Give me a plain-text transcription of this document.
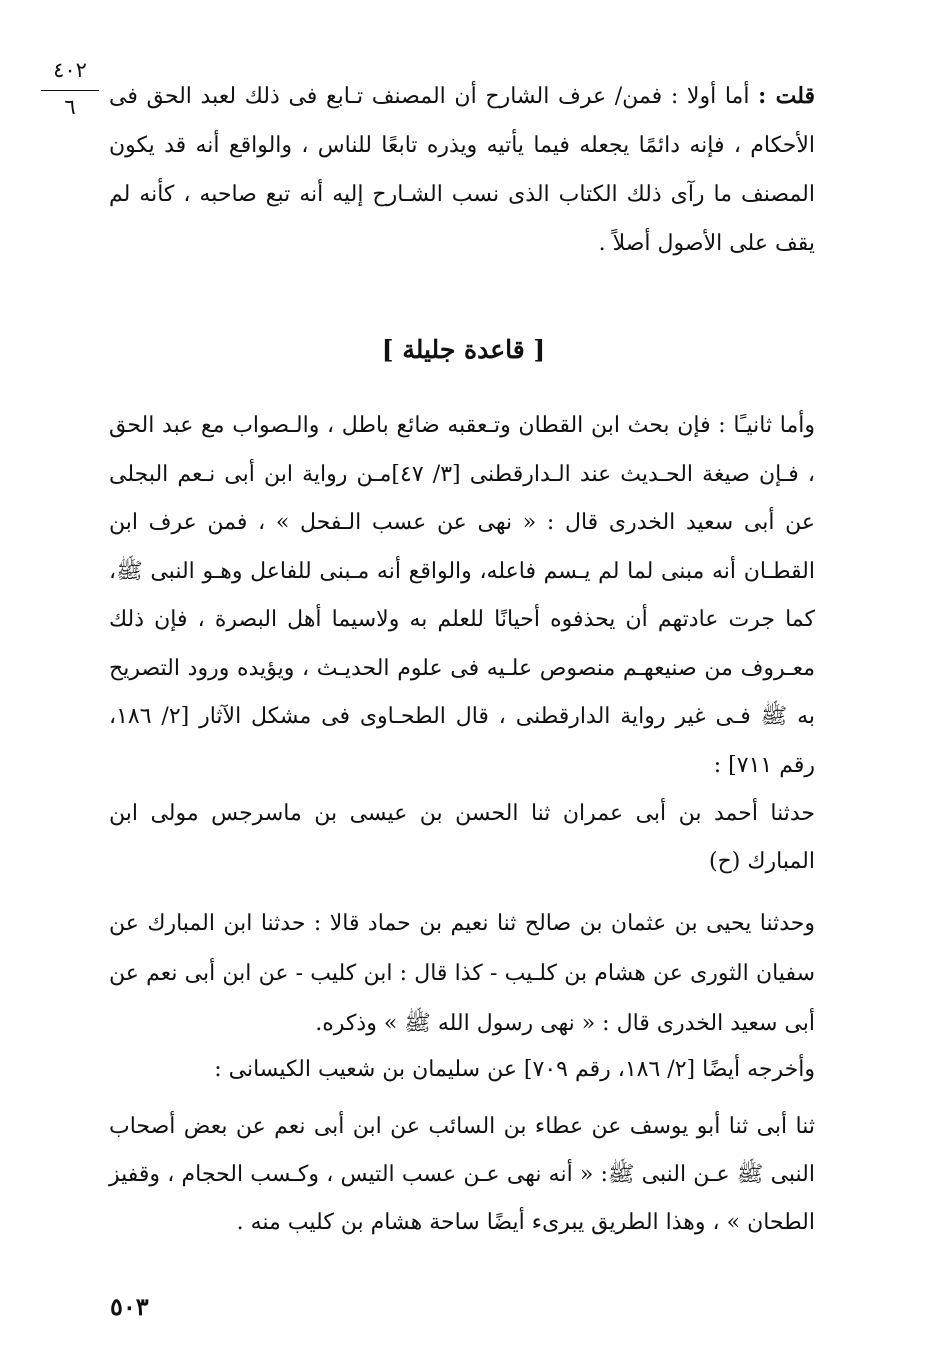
٤٠٢
٦	قلت : أما أولا : فمن/ عرف الشارح أن المصنف تـابع فى ذلك لعبد الحق فى الأحكام ، فإنه دائمًا يجعله فيما يأتيه ويذره تابعًا للناس ، والواقع أنه قد يكون المصنف ما رآى ذلك الكتاب الذى نسب الشـارح إليه أنه تبع صاحبه ، كأنه لم يقف على الأصول أصلاً .

[ قاعدة جليلة ]

وأما ثانيـًا : فإن بحث ابن القطان وتـعقبه ضائع باطل ، والـصواب مع عبد الحق ، فـإن صيغة الحـديث عند الـدارقطنى [٣/ ٤٧]مـن رواية ابن أبى نـعم البجلى عن أبى سعيد الخدرى قال : « نهى عن عسب الـفحل » ، فمن عرف ابن القطـان أنه مبنى لما لم يـسم فاعله، والواقع أنه مـبنى للفاعل وهـو النبى ﷺ، كما جرت عادتهم أن يحذفوه أحيانًا للعلم به ولاسيما أهل البصرة ، فإن ذلك معـروف من صنيعهـم منصوص علـيه فى علوم الحديـث ، ويؤيده ورود التصريح به ﷺ فـى غير رواية الدارقطنى ، قال الطحـاوى فى مشكل الآثار [٢/ ١٨٦، رقم ٧١١] :

حدثنا أحمد بن أبى عمران ثنا الحسن بن عيسى بن ماسرجس مولى ابن المبارك (ح)

وحدثنا يحيى بن عثمان بن صالح ثنا نعيم بن حماد قالا : حدثنا ابن المبارك عن سفيان الثورى عن هشام بن كلـيب - كذا قال : ابن كليب - عن ابن أبى نعم عن أبى سعيد الخدرى قال : « نهى رسول الله ﷺ » وذكره.

وأخرجه أيضًا [٢/ ١٨٦، رقم ٧٠٩] عن سليمان بن شعيب الكيسانى :

ثنا أبى ثنا أبو يوسف عن عطاء بن السائب عن ابن أبى نعم عن بعض أصحاب النبى ﷺ عـن النبى ﷺ: « أنه نهى عـن عسب التيس ، وكـسب الحجام ، وقفيز الطحان » ، وهذا الطريق يبرىء أيضًا ساحة هشام بن كليب منه .

٥٠٣
